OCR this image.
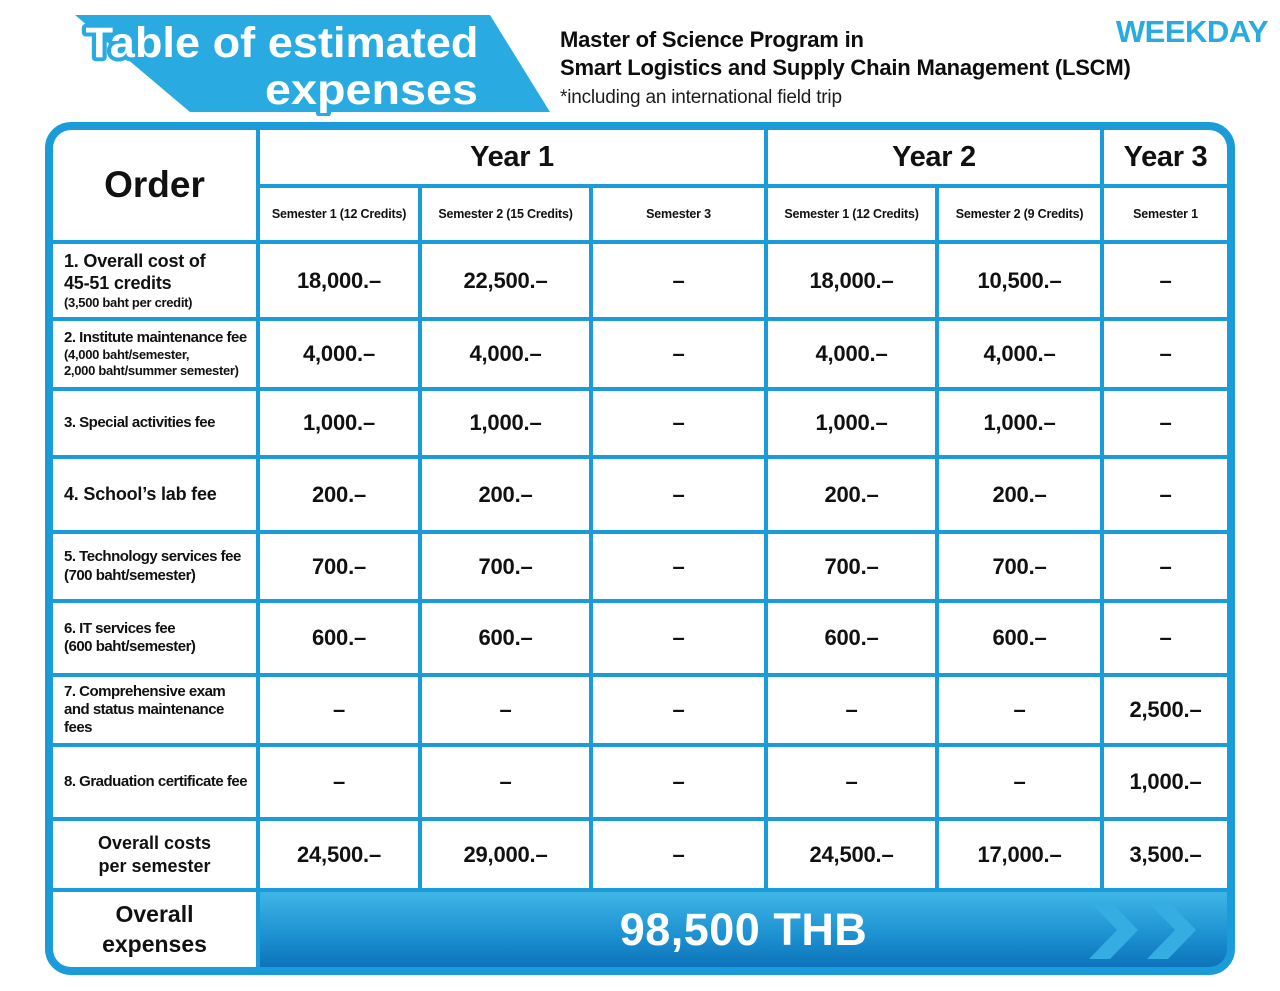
Table of estimated
expenses
Master of Science Program in
Smart Logistics and Supply Chain Management (LSCM)
*including an international field trip
WEEKDAY
Order
Year 1	Year 2	Year 3
Semester 1 (12 Credits)	Semester 2 (15 Credits)	Semester 3	Semester 1 (12 Credits)	Semester 2 (9 Credits)	Semester 1
1. Overall cost of
45-51 credits
(3,500 baht per credit)
18,000.–	22,500.–	–	18,000.–	10,500.–	–
2. Institute maintenance fee
(4,000 baht/semester,
2,000 baht/summer semester)
4,000.–	4,000.–	–	4,000.–	4,000.–	–
3. Special activities fee	1,000.–	1,000.–	–	1,000.–	1,000.–	–
4. School’s lab fee	200.–	200.–	–	200.–	200.–	–
5. Technology services fee
(700 baht/semester)	700.–	700.–	–	700.–	700.–	–
6. IT services fee
(600 baht/semester)	600.–	600.–	–	600.–	600.–	–
7. Comprehensive exam
and status maintenance fees
–	–	–	–	–	2,500.–
8. Graduation certificate fee	–	–	–	–	–	1,000.–
Overall costs
per semester	24,500.–	29,000.–	–	24,500.–	17,000.–	3,500.–
Overall
expenses	98,500 THB
